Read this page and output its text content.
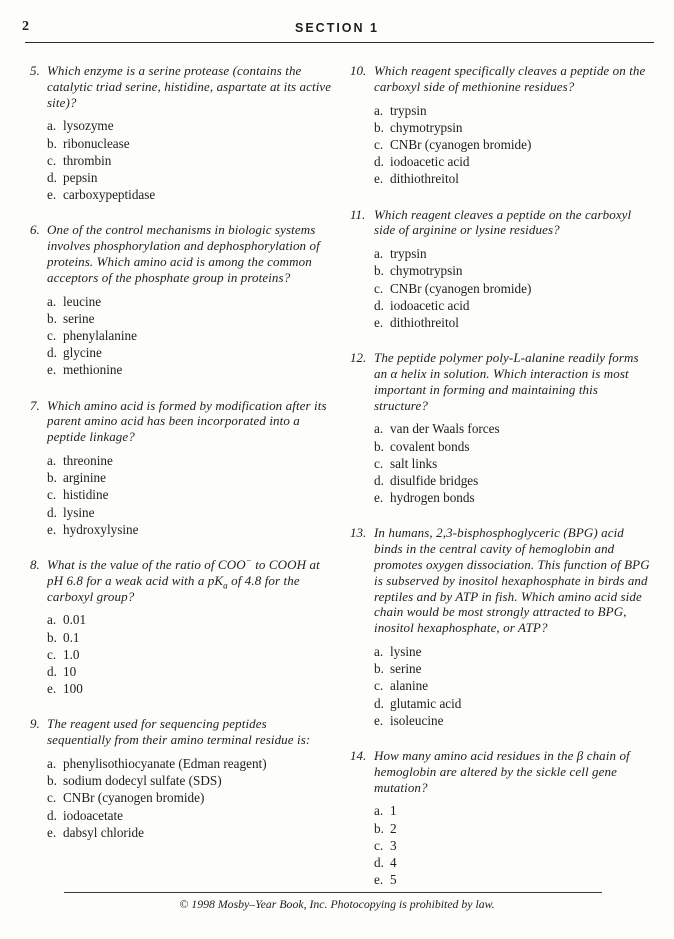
2	SECTION 1
5. Which enzyme is a serine protease (contains the catalytic triad serine, histidine, aspartate at its active site)?
a. lysozyme
b. ribonuclease
c. thrombin
d. pepsin
e. carboxypeptidase
6. One of the control mechanisms in biologic systems involves phosphorylation and dephosphorylation of proteins. Which amino acid is among the common acceptors of the phosphate group in proteins?
a. leucine
b. serine
c. phenylalanine
d. glycine
e. methionine
7. Which amino acid is formed by modification after its parent amino acid has been incorporated into a peptide linkage?
a. threonine
b. arginine
c. histidine
d. lysine
e. hydroxylysine
8. What is the value of the ratio of COO− to COOH at pH 6.8 for a weak acid with a $pK_a$ of 4.8 for the carboxyl group?
a. 0.01
b. 0.1
c. 1.0
d. 10
e. 100
9. The reagent used for sequencing peptides sequentially from their amino terminal residue is:
a. phenylisothiocyanate (Edman reagent)
b. sodium dodecyl sulfate (SDS)
c. CNBr (cyanogen bromide)
d. iodoacetate
e. dabsyl chloride
10. Which reagent specifically cleaves a peptide on the carboxyl side of methionine residues?
a. trypsin
b. chymotrypsin
c. CNBr (cyanogen bromide)
d. iodoacetic acid
e. dithiothreitol
11. Which reagent cleaves a peptide on the carboxyl side of arginine or lysine residues?
a. trypsin
b. chymotrypsin
c. CNBr (cyanogen bromide)
d. iodoacetic acid
e. dithiothreitol
12. The peptide polymer poly-L-alanine readily forms an α helix in solution. Which interaction is most important in forming and maintaining this structure?
a. van der Waals forces
b. covalent bonds
c. salt links
d. disulfide bridges
e. hydrogen bonds
13. In humans, 2,3-bisphosphoglyceric (BPG) acid binds in the central cavity of hemoglobin and promotes oxygen dissociation. This function of BPG is subserved by inositol hexaphosphate in birds and reptiles and by ATP in fish. Which amino acid side chain would be most strongly attracted to BPG, inositol hexaphosphate, or ATP?
a. lysine
b. serine
c. alanine
d. glutamic acid
e. isoleucine
14. How many amino acid residues in the β chain of hemoglobin are altered by the sickle cell gene mutation?
a. 1
b. 2
c. 3
d. 4
e. 5
© 1998 Mosby–Year Book, Inc. Photocopying is prohibited by law.
